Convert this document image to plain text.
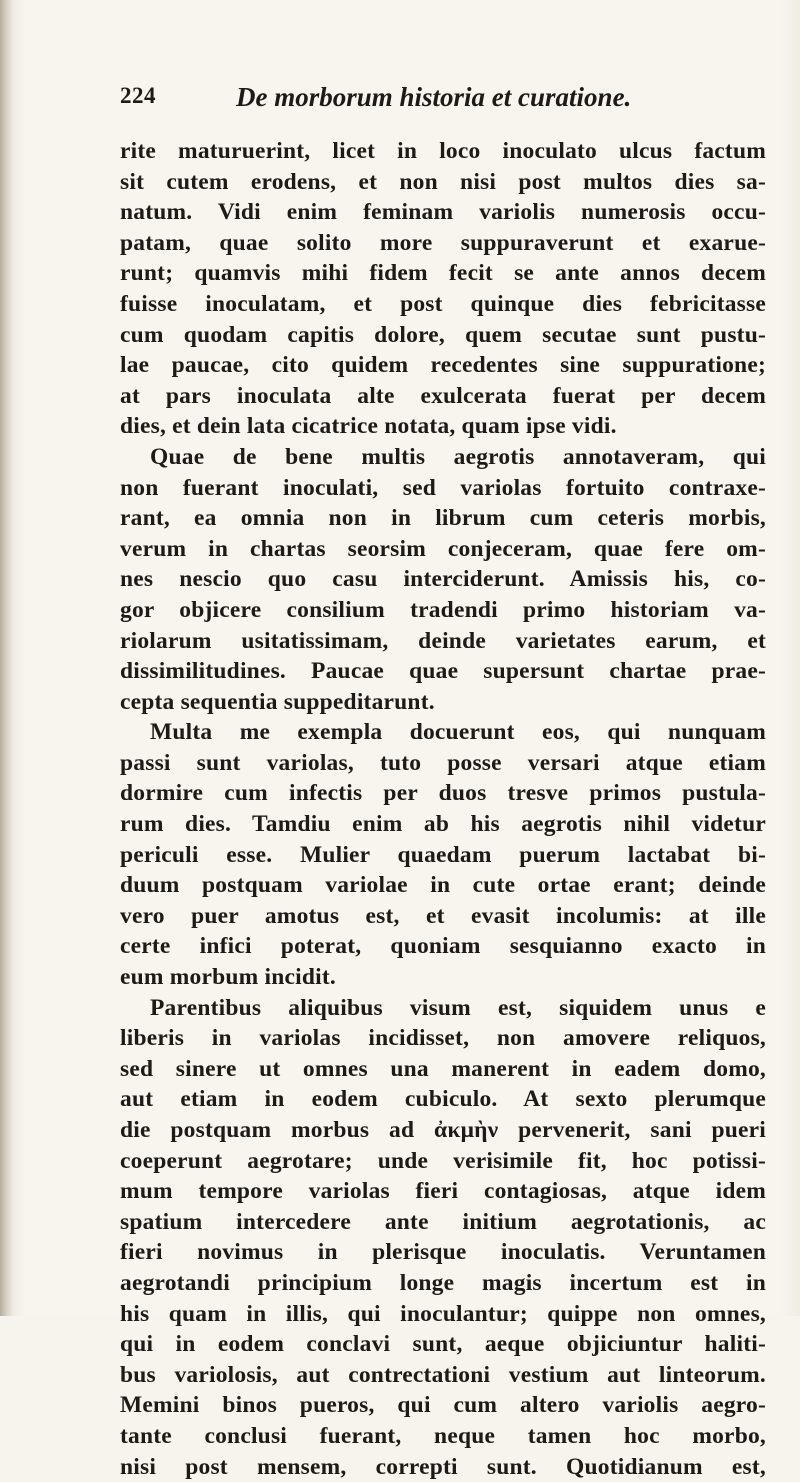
224	De morborum historia et curatione.
rite maturuerint, licet in loco inoculato ulcus factum
sit cutem erodens, et non nisi post multos dies sa-
natum. Vidi enim feminam variolis numerosis occu-
patam, quae solito more suppuraverunt et exarue-
runt; quamvis mihi fidem fecit se ante annos decem
fuisse inoculatam, et post quinque dies febricitasse
cum quodam capitis dolore, quem secutae sunt pustu-
lae paucae, cito quidem recedentes sine suppuratione;
at pars inoculata alte exulcerata fuerat per decem
dies, et dein lata cicatrice notata, quam ipse vidi.
Quae de bene multis aegrotis annotaveram, qui
non fuerant inoculati, sed variolas fortuito contraxe-
rant, ea omnia non in librum cum ceteris morbis,
verum in chartas seorsim conjeceram, quae fere om-
nes nescio quo casu interciderunt. Amissis his, co-
gor objicere consilium tradendi primo historiam va-
riolarum usitatissimam, deinde varietates earum, et
dissimilitudines. Paucae quae supersunt chartae prae-
cepta sequentia suppeditarunt.
Multa me exempla docuerunt eos, qui nunquam
passi sunt variolas, tuto posse versari atque etiam
dormire cum infectis per duos tresve primos pustula-
rum dies. Tamdiu enim ab his aegrotis nihil videtur
periculi esse. Mulier quaedam puerum lactabat bi-
duum postquam variolae in cute ortae erant; deinde
vero puer amotus est, et evasit incolumis: at ille
certe infici poterat, quoniam sesquianno exacto in
eum morbum incidit.
Parentibus aliquibus visum est, siquidem unus e
liberis in variolas incidisset, non amovere reliquos,
sed sinere ut omnes una manerent in eadem domo,
aut etiam in eodem cubiculo. At sexto plerumque
die postquam morbus ad ἀκμὴν pervenerit, sani pueri
coeperunt aegrotare; unde verisimile fit, hoc potissi-
mum tempore variolas fieri contagiosas, atque idem
spatium intercedere ante initium aegrotationis, ac
fieri novimus in plerisque inoculatis. Veruntamen
aegrotandi principium longe magis incertum est in
his quam in illis, qui inoculantur; quippe non omnes,
qui in eodem conclavi sunt, aeque objiciuntur haliti-
bus variolosis, aut contrectationi vestium aut linteorum.
Memini binos pueros, qui cum altero variolis aegro-
tante conclusi fuerant, neque tamen hoc morbo,
nisi post mensem, correpti sunt. Quotidianum est,
